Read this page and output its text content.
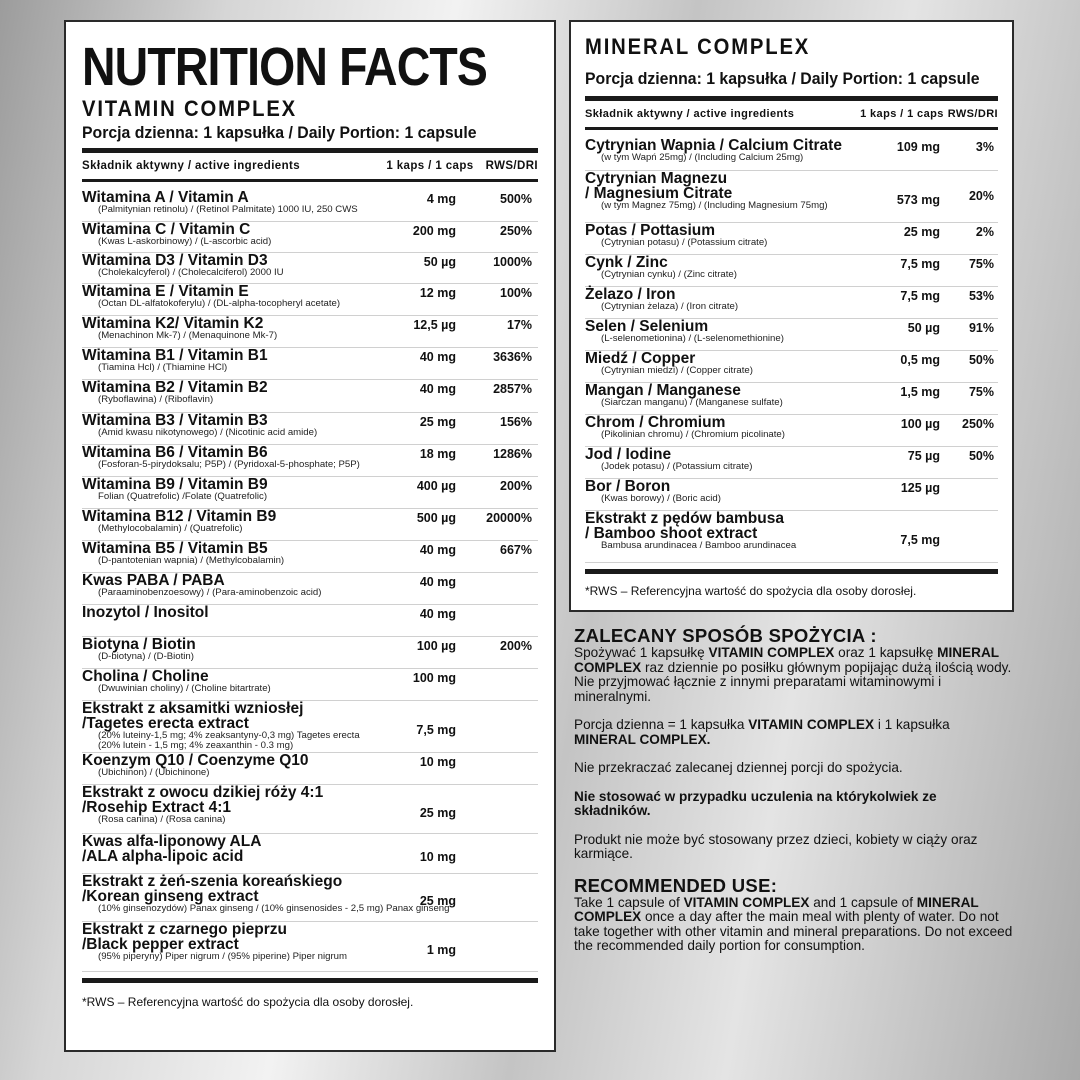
NUTRITION FACTS
VITAMIN COMPLEX
Porcja dzienna: 1 kapsułka / Daily Portion: 1 capsule
Składnik aktywny / active ingredients	1 kaps / 1 caps RWS/DRI
Witamina A / Vitamin A
(Palmitynian retinolu) / (Retinol Palmitate) 1000 IU, 250 CWS
4 mg	500%
Witamina C / Vitamin C
(Kwas L-askorbinowy) / (L-ascorbic acid)
200 mg	250%
Witamina D3 / Vitamin D3
(Cholekalcyferol) / (Cholecalciferol) 2000 IU
50 µg	1000%
Witamina E / Vitamin E
(Octan DL-alfatokoferylu) / (DL-alpha-tocopheryl acetate)
12 mg	100%
Witamina K2/ Vitamin K2
(Menachinon Mk-7) / (Menaquinone Mk-7)
12,5 µg	17%
Witamina B1 / Vitamin B1
(Tiamina Hcl) / (Thiamine HCl)
40 mg	3636%
Witamina B2 / Vitamin B2
(Ryboflawina) / (Riboflavin)
40 mg	2857%
Witamina B3 / Vitamin B3
(Amid kwasu nikotynowego) / (Nicotinic acid amide)
25 mg	156%
Witamina B6 / Vitamin B6
(Fosforan-5-pirydoksalu; P5P) / (Pyridoxal-5-phosphate; P5P)
18 mg	1286%
Witamina B9 / Vitamin B9
Folian (Quatrefolic) /Folate (Quatrefolic)
400 µg	200%
Witamina B12 / Vitamin B9
(Methylocobalamin) / (Quatrefolic)
500 µg 20000%
Witamina B5 / Vitamin B5
(D-pantotenian wapnia) / (Methylcobalamin)
40 mg	667%
Kwas PABA / PABA
(Paraaminobenzoesowy) / (Para-aminobenzoic acid)
40 mg
Inozytol / Inositol	40 mg
Biotyna / Biotin
(D-biotyna) / (D-Biotin)
100 µg	200%
Cholina / Choline
(Dwuwinian choliny) / (Choline bitartrate)
100 mg
Ekstrakt z aksamitki wzniosłej
/Tagetes erecta extract
(20% luteiny-1,5 mg; 4% zeaksantyny-0,3 mg) Tagetes erecta
(20% lutein - 1,5 mg; 4% zeaxanthin - 0.3 mg)
7,5 mg
Koenzym Q10 / Coenzyme Q10
(Ubichinon) / (Ubichinone)
10 mg
Ekstrakt z owocu dzikiej róży 4:1
/Rosehip Extract 4:1
(Rosa canina) / (Rosa canina)	25 mg
Kwas alfa-liponowy ALA
/ALA alpha-lipoic acid	10 mg
Ekstrakt z żeń-szenia koreańskiego
/Korean ginseng extract
(10% ginsenozydów) Panax ginseng / (10% ginsenosides - 2,5 mg) Panax ginseng
25 mg
Ekstrakt z czarnego pieprzu
/Black pepper extract
(95% piperyny) Piper nigrum / (95% piperine) Piper nigrum	1 mg
*RWS – Referencyjna wartość do spożycia dla osoby dorosłej.
MINERAL COMPLEX
Porcja dzienna: 1 kapsułka / Daily Portion: 1 capsule
Składnik aktywny / active ingredients	1 kaps / 1 caps RWS/DRI
Cytrynian Wapnia / Calcium Citrate
(w tym Wapń 25mg) / (Including Calcium 25mg)
109 mg	3%
Cytrynian Magnezu
/ Magnesium Citrate
(w tym Magnez 75mg) / (Including Magnesium 75mg)	573 mg 20%
Potas / Pottasium
(Cytrynian potasu) / (Potassium citrate)
25 mg	2%
Cynk / Zinc
(Cytrynian cynku) / (Zinc citrate)
7,5 mg 75%
Żelazo / Iron
(Cytrynian żelaza) / (Iron citrate)
7,5 mg 53%
Selen / Selenium
(L-selenometionina) / (L-selenomethionine)
50 µg 91%
Miedź / Copper
(Cytrynian miedzi) / (Copper citrate)
0,5 mg 50%
Mangan / Manganese
(Siarczan manganu) / (Manganese sulfate)
1,5 mg 75%
Chrom / Chromium
(Pikolinian chromu) / (Chromium picolinate)
100 µg 250%
Jod / Iodine
(Jodek potasu) / (Potassium citrate)
75 µg 50%
Bor / Boron
(Kwas borowy) / (Boric acid)
125 µg
Ekstrakt z pędów bambusa
/ Bamboo shoot extract
Bambusa arundinacea / Bamboo arundinacea	7,5 mg
*RWS – Referencyjna wartość do spożycia dla osoby dorosłej.
ZALECANY SPOSÓB SPOŻYCIA :

Spożywać 1 kapsułkę VITAMIN COMPLEX oraz 1 kapsułkę MINERAL COMPLEX raz dziennie po posiłku głównym popijając dużą ilością wody. Nie przyjmować łącznie z innymi preparatami witaminowymi i mineralnymi.

Porcja dzienna = 1 kapsułka VITAMIN COMPLEX i 1 kapsułka MINERAL COMPLEX.

Nie przekraczać zalecanej dziennej porcji do spożycia.

Nie stosować w przypadku uczulenia na którykolwiek ze składników.

Produkt nie może być stosowany przez dzieci, kobiety w ciąży oraz karmiące.

RECOMMENDED USE:

Take 1 capsule of VITAMIN COMPLEX and 1 capsule of MINERAL COMPLEX once a day after the main meal with plenty of water. Do not take together with other vitamin and mineral preparations. Do not exceed the recommended daily portion for consumption.
